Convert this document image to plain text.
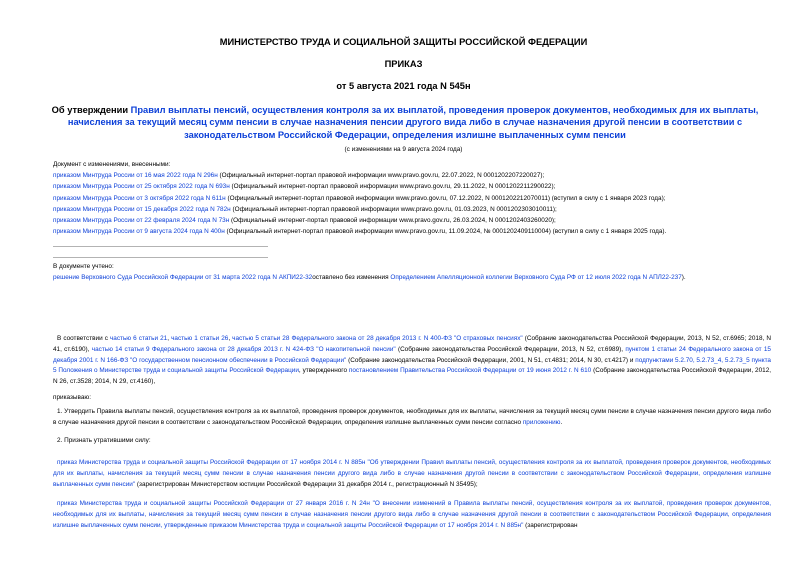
МИНИСТЕРСТВО ТРУДА И СОЦИАЛЬНОЙ ЗАЩИТЫ РОССИЙСКОЙ ФЕДЕРАЦИИ
ПРИКАЗ
от 5 августа 2021 года N 545н
Об утверждении Правил выплаты пенсий, осуществления контроля за их выплатой, проведения проверок документов, необходимых для их выплаты, начисления за текущий месяц сумм пенсии в случае назначения пенсии другого вида либо в случае назначения другой пенсии в соответствии с законодательством Российской Федерации, определения излишне выплаченных сумм пенсии
(с изменениями на 9 августа 2024 года)
Документ с изменениями, внесенными:
приказом Минтруда России от 16 мая 2022 года N 296н (Официальный интернет-портал правовой информации www.pravo.gov.ru, 22.07.2022, N 0001202207220027);
приказом Минтруда России от 25 октября 2022 года N 693н (Официальный интернет-портал правовой информации www.pravo.gov.ru, 29.11.2022, N 0001202211290022);
приказом Минтруда России от 3 октября 2022 года N 611н (Официальный интернет-портал правовой информации www.pravo.gov.ru, 07.12.2022, N 0001202212070011) (вступил в силу с 1 января 2023 года);
приказом Минтруда России от 15 декабря 2022 года N 782н (Официальный интернет-портал правовой информации www.pravo.gov.ru, 01.03.2023, N 0001202303010011);
приказом Минтруда России от 22 февраля 2024 года N 73н (Официальный интернет-портал правовой информации www.pravo.gov.ru, 26.03.2024, N 0001202403260020);
приказом Минтруда России от 9 августа 2024 года N 400н (Официальный интернет-портал правовой информации www.pravo.gov.ru, 11.09.2024, № 0001202409110004) (вступил в силу с 1 января 2025 года).
В документе учтено:
решение Верховного Суда Российской Федерации от 31 марта 2022 года N АКПИ22-32оставлено без изменения Определением Апелляционной коллегии Верховного Суда РФ от 12 июля 2022 года N АПЛ22-237).
В соответствии с частью 6 статьи 21, частью 1 статьи 26, частью 5 статьи 28 Федерального закона от 28 декабря 2013 г. N 400-ФЗ "О страховых пенсиях" (Собрание законодательства Российской Федерации, 2013, N 52, ст.6965; 2018, N 41, ст.6190), частью 14 статьи 9 Федерального закона от 28 декабря 2013 г. N 424-ФЗ "О накопительной пенсии" (Собрание законодательства Российской Федерации, 2013, N 52, ст.6989), пунктом 1 статьи 24 Федерального закона от 15 декабря 2001 г. N 166-ФЗ "О государственном пенсионном обеспечении в Российской Федерации" (Собрание законодательства Российской Федерации, 2001, N 51, ст.4831; 2014, N 30, ст.4217) и подпунктами 5.2.70, 5.2.73_4, 5.2.73_5 пункта 5 Положения о Министерстве труда и социальной защиты Российской Федерации, утвержденного постановлением Правительства Российской Федерации от 19 июня 2012 г. N 610 (Собрание законодательства Российской Федерации, 2012, N 26, ст.3528; 2014, N 29, ст.4160),
приказываю:
1. Утвердить Правила выплаты пенсий, осуществления контроля за их выплатой, проведения проверок документов, необходимых для их выплаты, начисления за текущий месяц сумм пенсии в случае назначения пенсии другого вида либо в случае назначения другой пенсии в соответствии с законодательством Российской Федерации, определения излишне выплаченных сумм пенсии согласно приложению.
2. Признать утратившими силу:
приказ Министерства труда и социальной защиты Российской Федерации от 17 ноября 2014 г. N 885н "Об утверждении Правил выплаты пенсий, осуществления контроля за их выплатой, проведения проверок документов, необходимых для их выплаты, начисления за текущий месяц сумм пенсии в случае назначения пенсии другого вида либо в случае назначения другой пенсии в соответствии с законодательством Российской Федерации, определения излишне выплаченных сумм пенсии" (зарегистрирован Министерством юстиции Российской Федерации 31 декабря 2014 г., регистрационный N 35495);
приказ Министерства труда и социальной защиты Российской Федерации от 27 января 2016 г. N 24н "О внесении изменений в Правила выплаты пенсий, осуществления контроля за их выплатой, проведения проверок документов, необходимых для их выплаты, начисления за текущий месяц сумм пенсии в случае назначения пенсии другого вида либо в случае назначения другой пенсии в соответствии с законодательством Российской Федерации, определения излишне выплаченных сумм пенсии, утвержденные приказом Министерства труда и социальной защиты Российской Федерации от 17 ноября 2014 г. N 885н" (зарегистрирован
